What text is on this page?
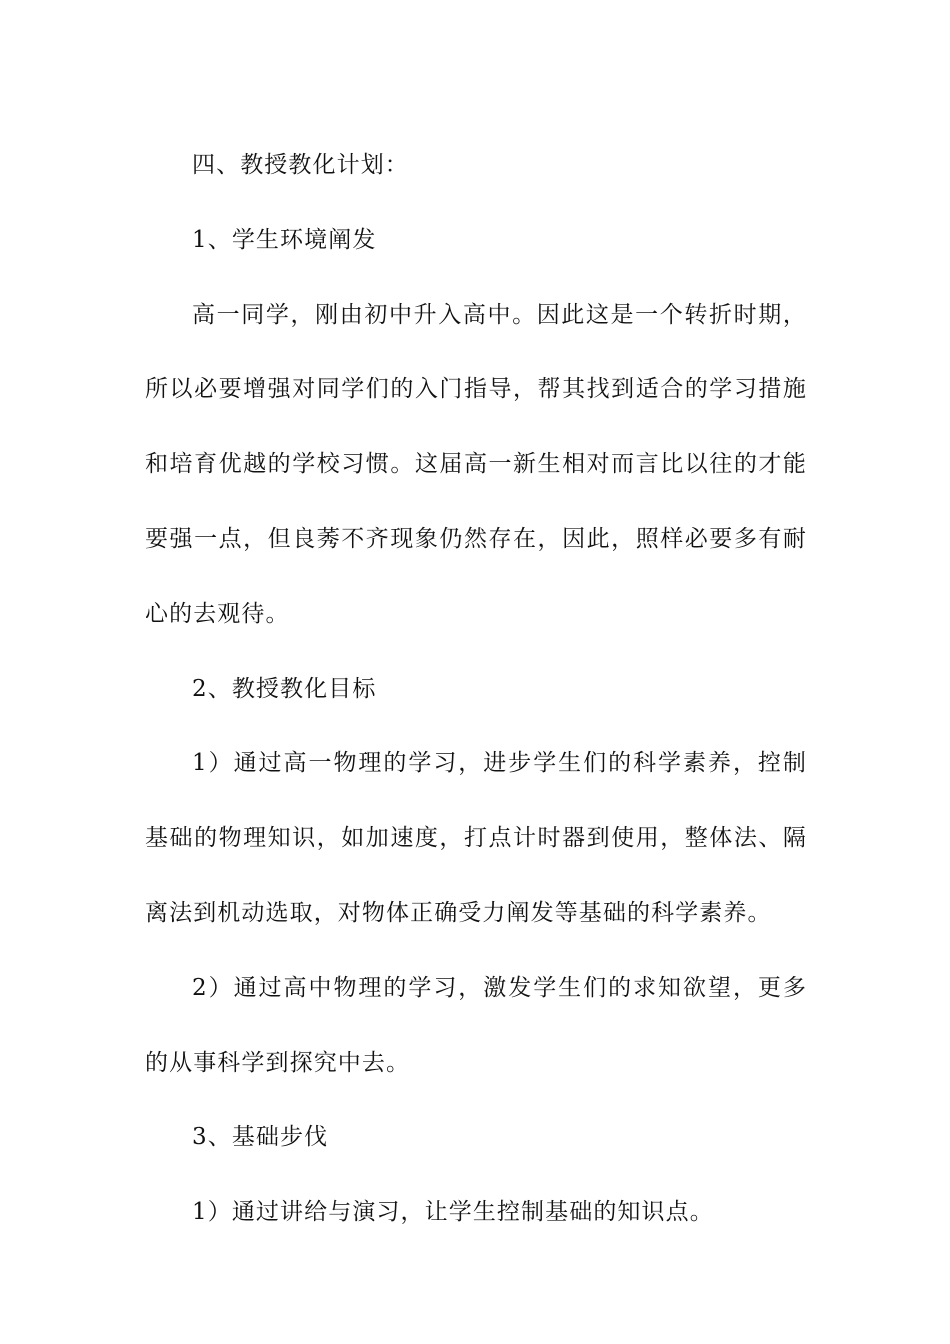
四、教授教化计划：

1、学生环境阐发

高一同学，刚由初中升入高中。因此这是一个转折时期，所以必要增强对同学们的入门指导，帮其找到适合的学习措施和培育优越的学校习惯。这届高一新生相对而言比以往的才能要强一点，但良莠不齐现象仍然存在，因此，照样必要多有耐心的去观待。

2、教授教化目标

1）通过高一物理的学习，进步学生们的科学素养，控制基础的物理知识，如加速度，打点计时器到使用，整体法、隔离法到机动选取，对物体正确受力阐发等基础的科学素养。

2）通过高中物理的学习，激发学生们的求知欲望，更多的从事科学到探究中去。

3、基础步伐

1）通过讲给与演习，让学生控制基础的知识点。
